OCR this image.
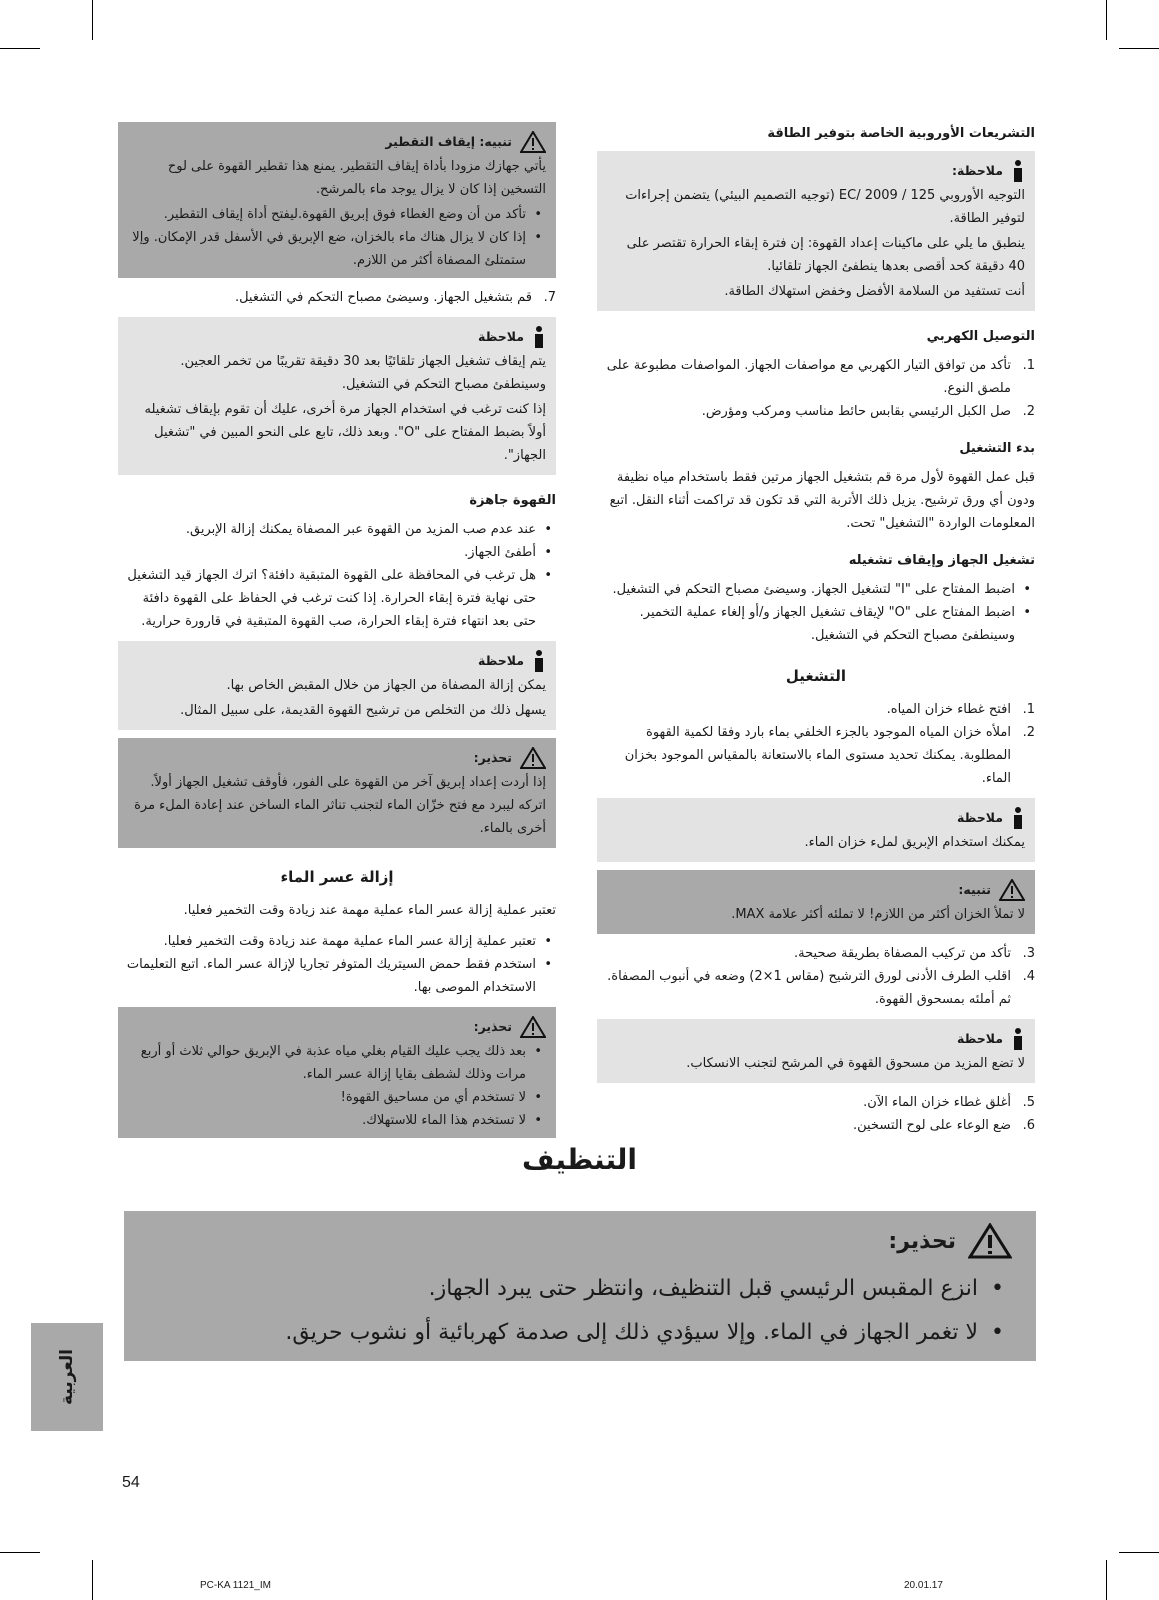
تنبيه: إيقاف التقطير

يأتي جهازك مزودا بأداة إيقاف التقطير. يمنع هذا تقطير القهوة على لوح التسخين إذا كان لا يزال يوجد ماء بالمرشح.

• تأكد من أن وضع الغطاء فوق إبريق القهوة.ليفتح أداة إيقاف التقطير.
• إذا كان لا يزال هناك ماء بالخزان، ضع الإبريق في الأسفل قدر الإمكان. وإلا ستمتلئ المصفاة أكثر من اللازم.
7.
قم بتشغيل الجهاز. وسيضئ مصباح التحكم في التشغيل.
ملاحظة

يتم إيقاف تشغيل الجهاز تلقائيًا بعد 30 دقيقة تقريبًا من تخمر العجين. وسينطفئ مصباح التحكم في التشغيل.

إذا كنت ترغب في استخدام الجهاز مرة أخرى، عليك أن تقوم بإيقاف تشغيله أولاً بضبط المفتاح على "O". وبعد ذلك، تابع على النحو المبين في "تشغيل الجهاز".

القهوة جاهزة
• عند عدم صب المزيد من القهوة عبر المصفاة يمكنك إزالة الإبريق.
• أطفئ الجهاز.
• هل ترغب في المحافظة على القهوة المتبقية دافئة؟ اترك الجهاز قيد التشغيل حتى نهاية فترة إبقاء الحرارة. إذا كنت ترغب في الحفاظ على القهوة دافئة حتى بعد انتهاء فترة إبقاء الحرارة، صب القهوة المتبقية في قارورة حرارية.
ملاحظة

يمكن إزالة المصفاة من الجهاز من خلال المقبض الخاص بها.

يسهل ذلك من التخلص من ترشيح القهوة القديمة، على سبيل المثال.

تحذير:

إذا أردت إعداد إبريق آخر من القهوة على الفور، فأوقف تشغيل الجهاز أولاً. اتركه ليبرد مع فتح خزّان الماء لتجنب تناثر الماء الساخن عند إعادة الملء مرة أخرى بالماء.

إزالة عسر الماء

تعتبر عملية إزالة عسر الماء عملية مهمة عند زيادة وقت التخمير فعليا.

• تعتبر عملية إزالة عسر الماء عملية مهمة عند زيادة وقت التخمير فعليا.
• استخدم فقط حمض السيتريك المتوفر تجاريا لإزالة عسر الماء. اتبع التعليمات الاستخدام الموصى بها.
تحذير:
• بعد ذلك يجب عليك القيام بغلي مياه عذبة في الإبريق حوالي ثلاث أو أربع مرات وذلك لشطف بقايا إزالة عسر الماء.
• لا تستخدم أي من مساحيق القهوة!
• لا تستخدم هذا الماء للاستهلاك.
التشريعات الأوروبية الخاصة بتوفير الطاقة
ملاحظة:

التوجيه الأوروبي EC/ 2009 / 125 (توجيه التصميم البيئي) يتضمن إجراءات لتوفير الطاقة.

ينطبق ما يلي على ماكينات إعداد القهوة: إن فترة إبقاء الحرارة تقتصر على 40 دقيقة كحد أقصى بعدها ينطفئ الجهاز تلقائيا.

أنت تستفيد من السلامة الأفضل وخفض استهلاك الطاقة.

التوصيل الكهربي
1.
تأكد من توافق التيار الكهربي مع مواصفات الجهاز. المواصفات مطبوعة على ملصق النوع.
2.
صل الكبل الرئيسي بقابس حائط مناسب ومركب ومؤرض.
بدء التشغيل

قبل عمل القهوة لأول مرة قم بتشغيل الجهاز مرتين فقط باستخدام مياه نظيفة ودون أي ورق ترشيح. يزيل ذلك الأتربة التي قد تكون قد تراكمت أثناء النقل. اتبع المعلومات الواردة "التشغيل" تحت.

تشغيل الجهاز وإيقاف تشغيله
• اضبط المفتاح على "I" لتشغيل الجهاز. وسيضئ مصباح التحكم في التشغيل.
• اضبط المفتاح على "O" لإيقاف تشغيل الجهاز و/أو إلغاء عملية التخمير. وسينطفئ مصباح التحكم في التشغيل.
التشغيل
1.
افتح غطاء خزان المياه.
2.
املأه خزان المياه الموجود بالجزء الخلفي بماء بارد وفقا لكمية القهوة المطلوبة. يمكنك تحديد مستوى الماء بالاستعانة بالمقياس الموجود بخزان الماء.
ملاحظة

يمكنك استخدام الإبريق لملء خزان الماء.

تنبيه:

لا تملأ الخزان أكثر من اللازم! لا تملئه أكثر علامة MAX.

3.
تأكد من تركيب المصفاة بطريقة صحيحة.
4.
اقلب الطرف الأدنى لورق الترشيح (مقاس 1×2) وضعه في أنبوب المصفاة. ثم أملئه بمسحوق القهوة.
ملاحظة

لا تضع المزيد من مسحوق القهوة في المرشح لتجنب الانسكاب.

5.
أغلق غطاء خزان الماء الآن.
6.
ضع الوعاء على لوح التسخين.
التنظيف
تحذير:
• انزع المقبس الرئيسي قبل التنظيف، وانتظر حتى يبرد الجهاز.
• لا تغمر الجهاز في الماء. وإلا سيؤدي ذلك إلى صدمة كهربائية أو نشوب حريق.
العربية
54
PC-KA 1121_IM	20.01.17
